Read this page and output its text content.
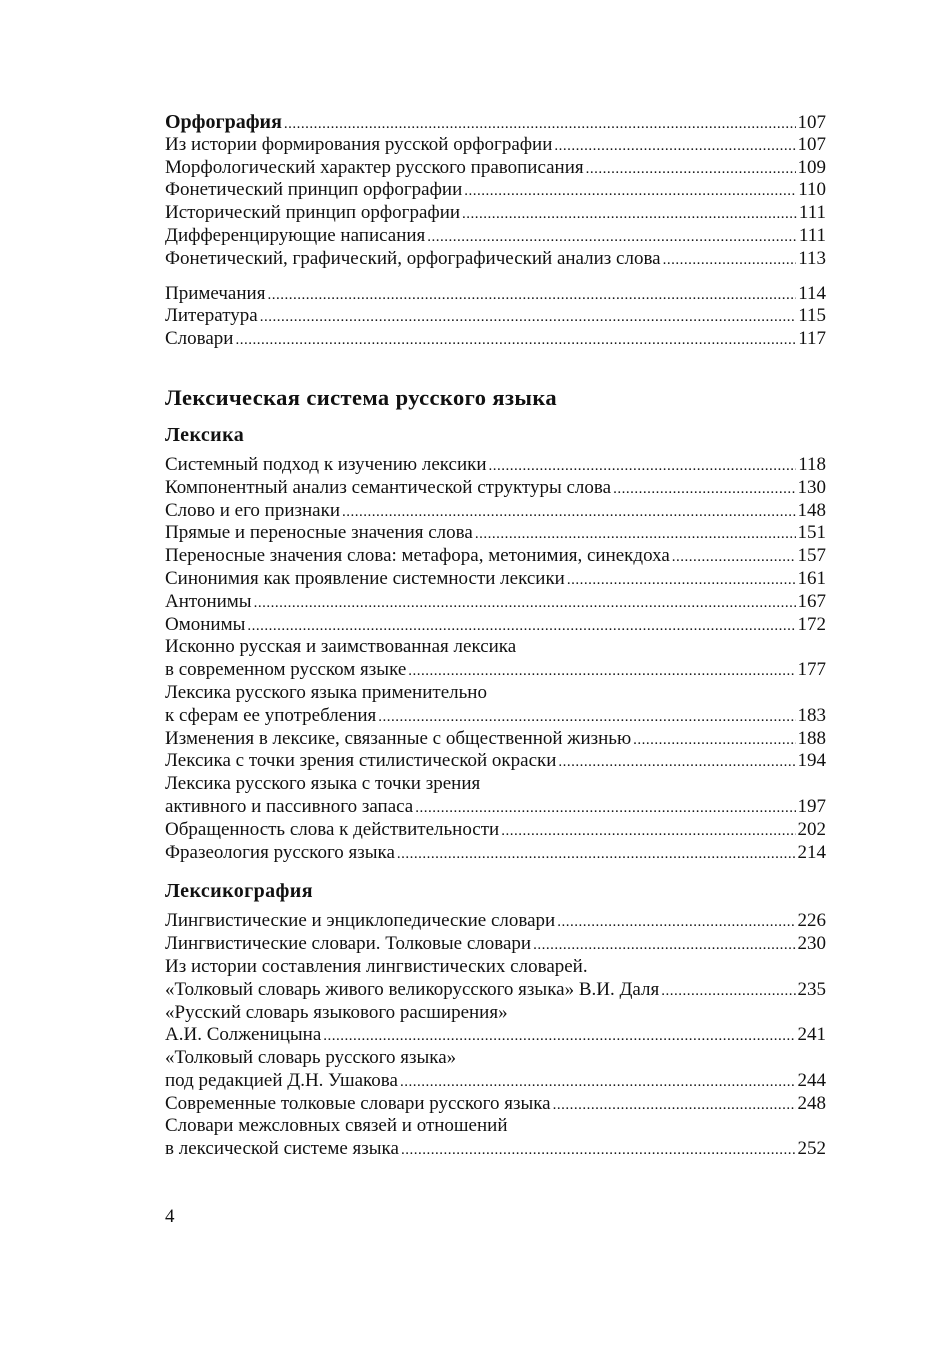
Орфография .....	107
Из истории формирования русской орфографии .....	107
Морфологический характер русского правописания .....	109
Фонетический принцип орфографии .....	110
Исторический принцип орфографии .....	111
Дифференцирующие написания .....	111
Фонетический, графический, орфографический анализ слова .....	113
Примечания .....	114
Литература .....	115
Словари .....	117
Лексическая система русского языка
Лексика
Системный подход к изучению лексики .....	118
Компонентный анализ семантической структуры слова .....	130
Слово и его признаки .....	148
Прямые и переносные значения слова .....	151
Переносные значения слова: метафора, метонимия, синекдоха .....	157
Синонимия как проявление системности лексики .....	161
Антонимы .....	167
Омонимы .....	172
Исконно русская и заимствованная лексика
в современном русском языке .....	177
Лексика русского языка применительно
к сферам ее употребления .....	183
Изменения в лексике, связанные с общественной жизнью .....	188
Лексика с точки зрения стилистической окраски .....	194
Лексика русского языка с точки зрения
активного и пассивного запаса .....	197
Обращенность слова к действительности .....	202
Фразеология русского языка .....	214
Лексикография
Лингвистические и энциклопедические словари .....	226
Лингвистические словари. Толковые словари .....	230
Из истории составления лингвистических словарей.
«Толковый словарь живого великорусского языка» В.И. Даля .....	235
«Русский словарь языкового расширения»
А.И. Солженицына .....	241
«Толковый словарь русского языка»
под редакцией Д.Н. Ушакова .....	244
Современные толковые словари русского языка .....	248
Словари межсловных связей и отношений
в лексической системе языка .....	252
4
